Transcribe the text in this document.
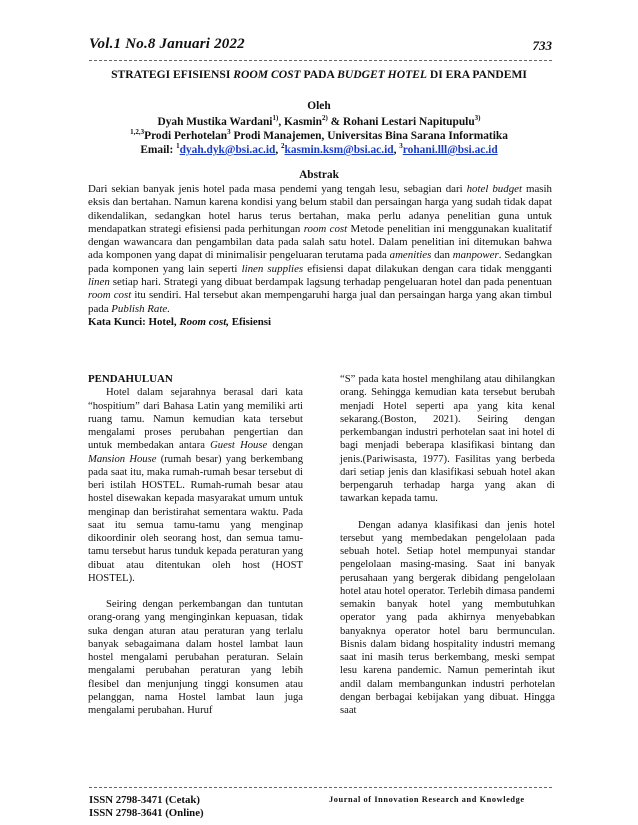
Vol.1 No.8 Januari 2022	733
STRATEGI EFISIENSI ROOM COST PADA BUDGET HOTEL DI ERA PANDEMI
Oleh
Dyah Mustika Wardani$^{1)}$, Kasmin$^{2)}$ & Rohani Lestari Napitupulu$^{3)}$
$^{1,2,3}$Prodi Perhotelan$^3$ Prodi Manajemen, Universitas Bina Sarana Informatika
Email: $^1$dyah.dyk@bsi.ac.id, $^2$kasmin.ksm@bsi.ac.id, $^3$rohani.lll@bsi.ac.id
Abstrak
Dari sekian banyak jenis hotel pada masa pendemi yang tengah lesu, sebagian dari hotel budget masih eksis dan bertahan. Namun karena kondisi yang belum stabil dan persaingan harga yang sudah tidak dapat dikendalikan, sedangkan hotel harus terus bertahan, maka perlu adanya penelitian guna untuk mendapatkan strategi efisiensi pada perhitungan room cost Metode penelitian ini menggunakan kualitatif dengan wawancara dan pengambilan data pada salah satu hotel. Dalam penelitian ini ditemukan bahwa ada komponen yang dapat di minimalisir pengeluaran terutama pada amenities dan manpower. Sedangkan pada komponen yang lain seperti linen supplies efisiensi dapat dilakukan dengan cara tidak mengganti linen setiap hari. Strategi yang dibuat berdampak lagsung terhadap pengeluaran hotel dan pada penentuan room cost itu sendiri. Hal tersebut akan mempengaruhi harga jual dan persaingan harga yang akan timbul pada Publish Rate.
Kata Kunci: Hotel, Room cost, Efisiensi
PENDAHULUAN

Hotel dalam sejarahnya berasal dari kata “hospitium” dari Bahasa Latin yang memiliki arti ruang tamu. Namun kemudian kata tersebut mengalami proses perubahan pengertian dan untuk membedakan antara Guest House dengan Mansion House (rumah besar) yang berkembang pada saat itu, maka rumah-rumah besar tersebut di beri istilah HOSTEL. Rumah-rumah besar atau hostel disewakan kepada masyarakat umum untuk menginap dan beristirahat sementara waktu. Pada saat itu semua tamu-tamu yang menginap dikoordinir oleh seorang host, dan semua tamu-tamu tersebut harus tunduk kepada peraturan yang dibuat atau ditentukan oleh host (HOST HOSTEL).

Seiring dengan perkembangan dan tuntutan orang-orang yang menginginkan kepuasan, tidak suka dengan aturan atau peraturan yang terlalu banyak sebagaimana dalam hostel lambat laun hostel mengalami perubahan peraturan. Selain mengalami perubahan peraturan yang lebih flesibel dan menjunjung tinggi konsumen atau pelanggan, nama Hostel lambat laun juga mengalami perubahan. Huruf

“S” pada kata hostel menghilang atau dihilangkan orang. Sehingga kemudian kata tersebut berubah menjadi Hotel seperti apa yang kita kenal sekarang.(Boston, 2021). Seiring dengan perkembangan industri perhotelan saat ini hotel di bagi menjadi beberapa klasifikasi bintang dan jenis.(Pariwisasta, 1977). Fasilitas yang berbeda dari setiap jenis dan klasifikasi sebuah hotel akan berpengaruh terhadap harga yang akan di tawarkan kepada tamu.

Dengan adanya klasifikasi dan jenis hotel tersebut yang membedakan pengelolaan pada sebuah hotel. Setiap hotel mempunyai standar pengelolaan masing-masing. Saat ini banyak perusahaan yang bergerak dibidang pengelolaan hotel atau hotel operator. Terlebih dimasa pandemi semakin banyak hotel yang membutuhkan operator yang pada akhirnya menyebabkan banyaknya operator hotel baru bermunculan. Bisnis dalam bidang hospitality industri memang saat ini masih terus berkembang, meski sempat lesu karena pandemic. Namun pemerintah ikut andil dalam membangunkan industri perhotelan dengan berbagai kebijakan yang dibuat. Hingga saat

ISSN 2798-3471 (Cetak)
ISSN 2798-3641 (Online)
Journal of Innovation Research and Knowledge
